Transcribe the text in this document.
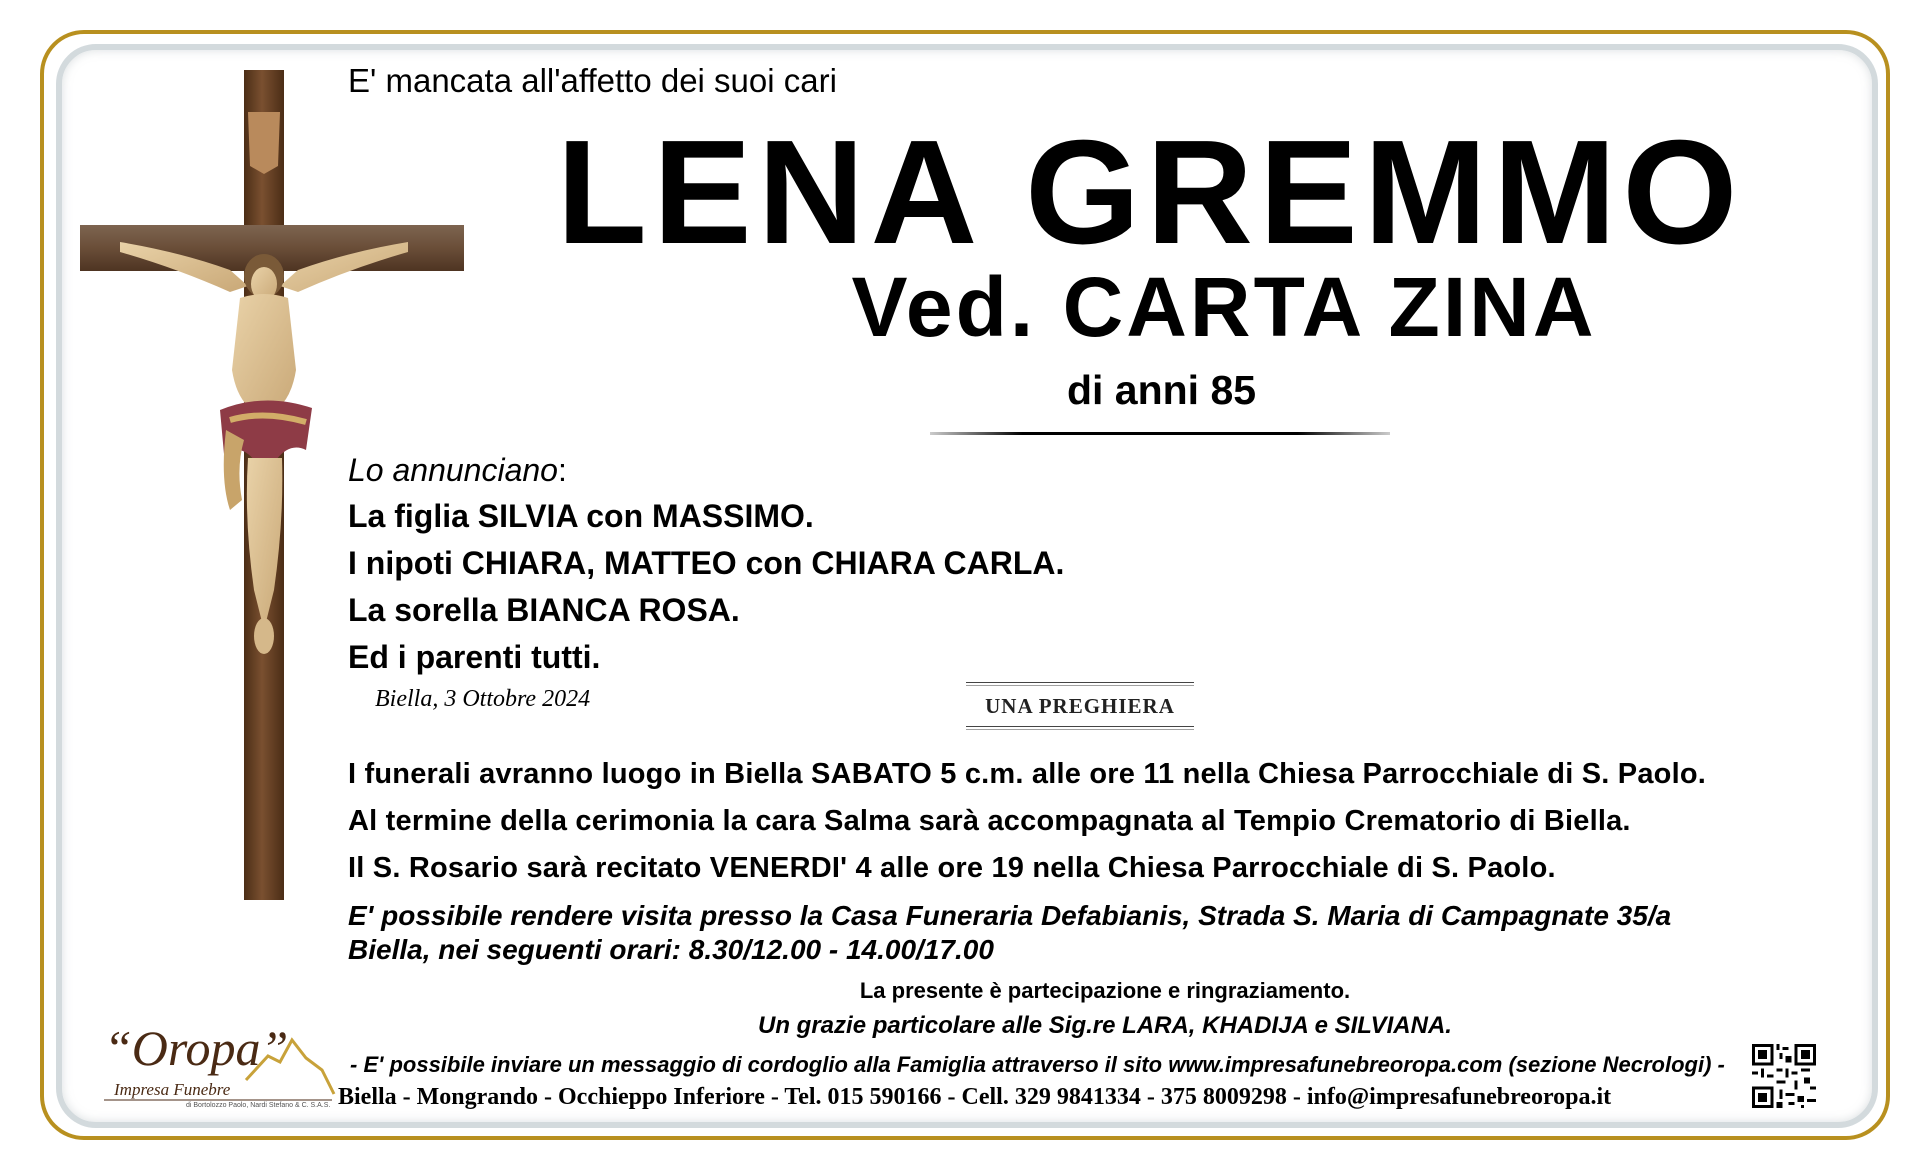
E' mancata all'affetto dei suoi cari
LENA GREMMO
Ved. CARTA ZINA
di anni 85
Lo annunciano:
La figlia SILVIA con MASSIMO.
I nipoti CHIARA, MATTEO con CHIARA CARLA.
La sorella BIANCA ROSA.
Ed i parenti tutti.
Biella, 3 Ottobre 2024	UNA PREGHIERA
I funerali avranno luogo in Biella SABATO 5 c.m. alle ore 11 nella Chiesa Parrocchiale di S. Paolo.
Al termine della cerimonia la cara Salma sarà accompagnata al Tempio Crematorio di Biella.
Il S. Rosario sarà recitato VENERDI' 4 alle ore 19 nella Chiesa Parrocchiale di S. Paolo.
E' possibile rendere visita presso la Casa Funeraria Defabianis, Strada S. Maria di Campagnate 35/a
Biella, nei seguenti orari: 8.30/12.00 - 14.00/17.00
La presente è partecipazione e ringraziamento.
Un grazie particolare alle Sig.re LARA, KHADIJA e SILVIANA.
- E' possibile inviare un messaggio di cordoglio alla Famiglia attraverso il sito www.impresafunebreoropa.com (sezione Necrologi) -
Biella - Mongrando - Occhieppo Inferiore - Tel. 015 590166 - Cell. 329 9841334 - 375 8009298 - info@impresafunebreoropa.it
“Oropa”
Impresa Funebre
di Bortolozzo Paolo, Nardi Stefano & C. S.A.S.
